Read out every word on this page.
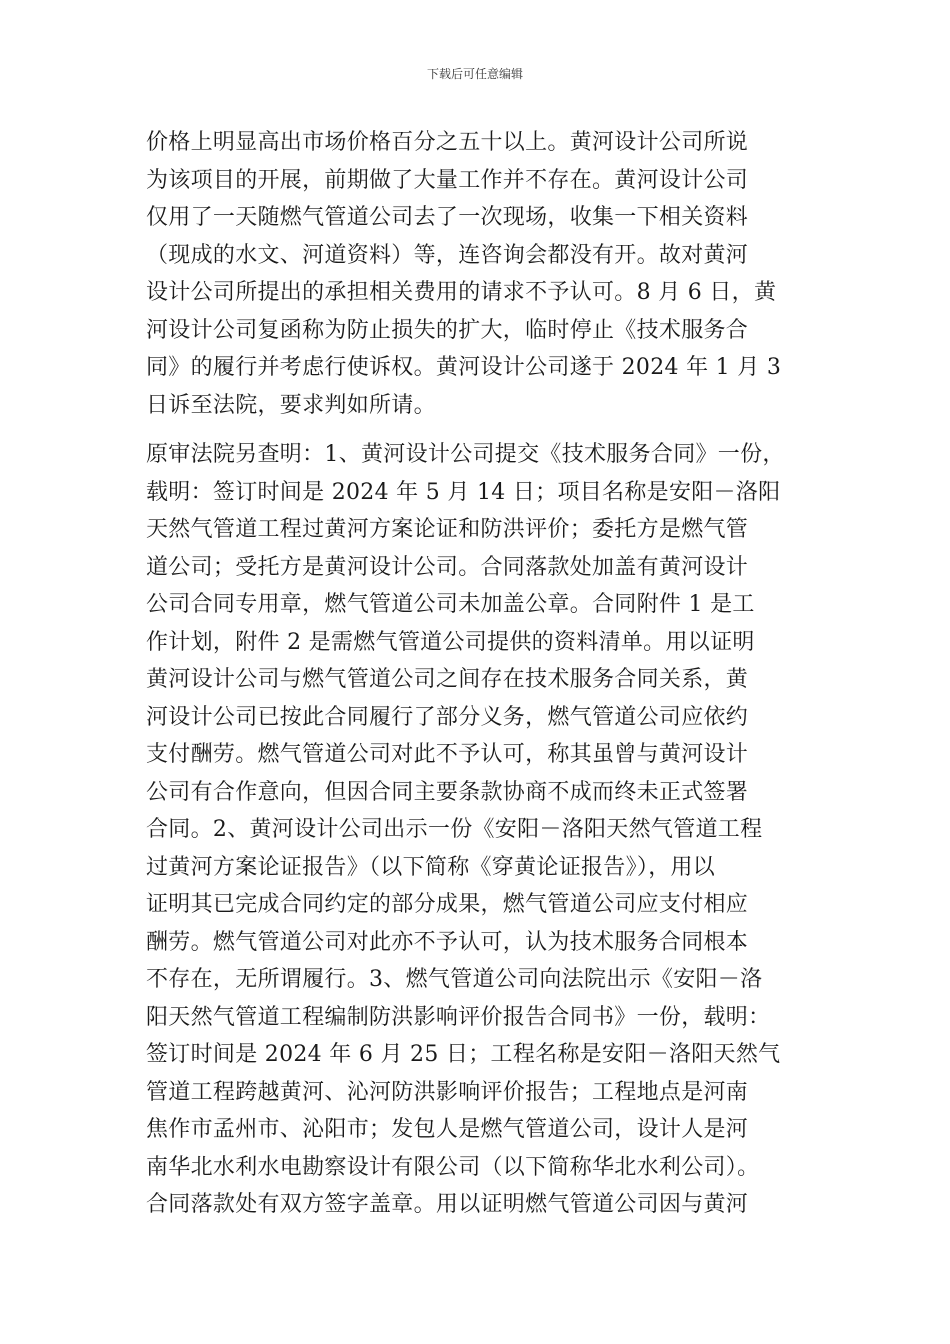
下载后可任意编辑
价格上明显高出市场价格百分之五十以上。黄河设计公司所说
为该项目的开展，前期做了大量工作并不存在。黄河设计公司
仅用了一天随燃气管道公司去了一次现场，收集一下相关资料
（现成的水文、河道资料）等，连咨询会都没有开。故对黄河
设计公司所提出的承担相关费用的请求不予认可。8 月 6 日，黄
河设计公司复函称为防止损失的扩大，临时停止《技术服务合
同》的履行并考虑行使诉权。黄河设计公司遂于 2024 年 1 月 3
日诉至法院，要求判如所请。
原审法院另查明：1、黄河设计公司提交《技术服务合同》一份，
载明：签订时间是 2024 年 5 月 14 日；项目名称是安阳－洛阳
天然气管道工程过黄河方案论证和防洪评价；委托方是燃气管
道公司；受托方是黄河设计公司。合同落款处加盖有黄河设计
公司合同专用章，燃气管道公司未加盖公章。合同附件 1 是工
作计划，附件 2 是需燃气管道公司提供的资料清单。用以证明
黄河设计公司与燃气管道公司之间存在技术服务合同关系，黄
河设计公司已按此合同履行了部分义务，燃气管道公司应依约
支付酬劳。燃气管道公司对此不予认可，称其虽曾与黄河设计
公司有合作意向，但因合同主要条款协商不成而终未正式签署
合同。2、黄河设计公司出示一份《安阳－洛阳天然气管道工程
过黄河方案论证报告》（以下简称《穿黄论证报告》），用以
证明其已完成合同约定的部分成果，燃气管道公司应支付相应
酬劳。燃气管道公司对此亦不予认可，认为技术服务合同根本
不存在，无所谓履行。3、燃气管道公司向法院出示《安阳－洛
阳天然气管道工程编制防洪影响评价报告合同书》一份，载明：
签订时间是 2024 年 6 月 25 日；工程名称是安阳－洛阳天然气
管道工程跨越黄河、沁河防洪影响评价报告；工程地点是河南
焦作市孟州市、沁阳市；发包人是燃气管道公司，设计人是河
南华北水利水电勘察设计有限公司（以下简称华北水利公司）。
合同落款处有双方签字盖章。用以证明燃气管道公司因与黄河
